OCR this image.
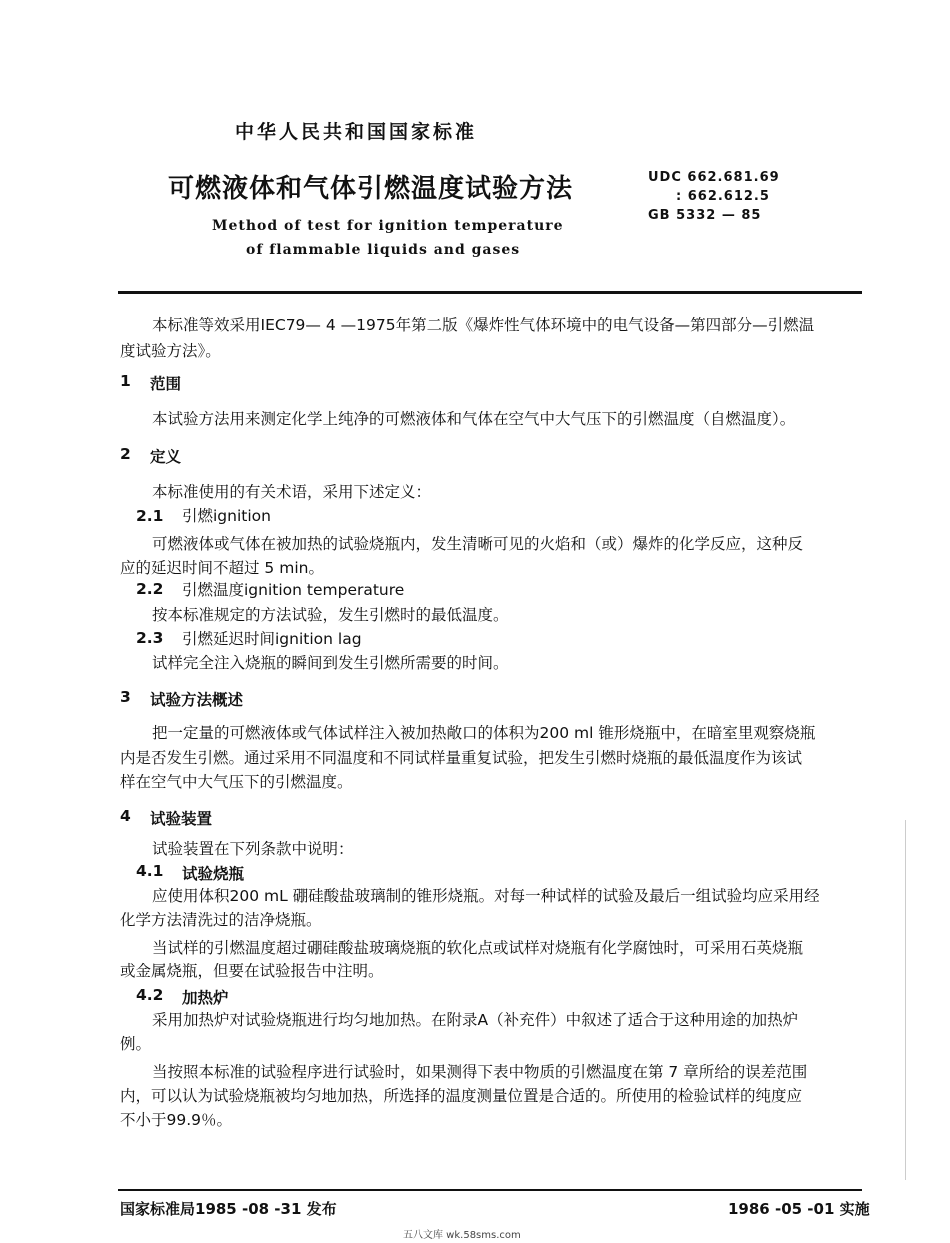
中华人民共和国国家标准
可燃液体和气体引燃温度试验方法
Method of test for ignition temperature
of flammable liquids and gases
UDC 662.681.69
: 662.612.5
GB 5332 — 85
本标准等效采用IEC79— 4 —1975年第二版《爆炸性气体环境中的电气设备—第四部分—引燃温
度试验方法》。
1 范围
本试验方法用来测定化学上纯净的可燃液体和气体在空气中大气压下的引燃温度（自燃温度）。
2 定义
本标准使用的有关术语，采用下述定义：
2.1 引燃ignition
可燃液体或气体在被加热的试验烧瓶内，发生清晰可见的火焰和（或）爆炸的化学反应，这种反
应的延迟时间不超过 5 min。
2.2 引燃温度ignition temperature
按本标准规定的方法试验，发生引燃时的最低温度。
2.3 引燃延迟时间ignition lag
试样完全注入烧瓶的瞬间到发生引燃所需要的时间。
3 试验方法概述
把一定量的可燃液体或气体试样注入被加热敞口的体积为200 ml 锥形烧瓶中，在暗室里观察烧瓶
内是否发生引燃。通过采用不同温度和不同试样量重复试验，把发生引燃时烧瓶的最低温度作为该试
样在空气中大气压下的引燃温度。
4 试验装置
试验装置在下列条款中说明：
4.1 试验烧瓶
应使用体积200 mL 硼硅酸盐玻璃制的锥形烧瓶。对每一种试样的试验及最后一组试验均应采用经
化学方法清洗过的洁净烧瓶。
当试样的引燃温度超过硼硅酸盐玻璃烧瓶的软化点或试样对烧瓶有化学腐蚀时，可采用石英烧瓶
或金属烧瓶，但要在试验报告中注明。
4.2 加热炉
采用加热炉对试验烧瓶进行均匀地加热。在附录A（补充件）中叙述了适合于这种用途的加热炉
例。
当按照本标准的试验程序进行试验时，如果测得下表中物质的引燃温度在第 7 章所给的误差范围
内，可以认为试验烧瓶被均匀地加热，所选择的温度测量位置是合适的。所使用的检验试样的纯度应
不小于99.9％。
国家标准局1985 -08 -31 发布	1986 -05 -01 实施
五八文库 wk.58sms.com
